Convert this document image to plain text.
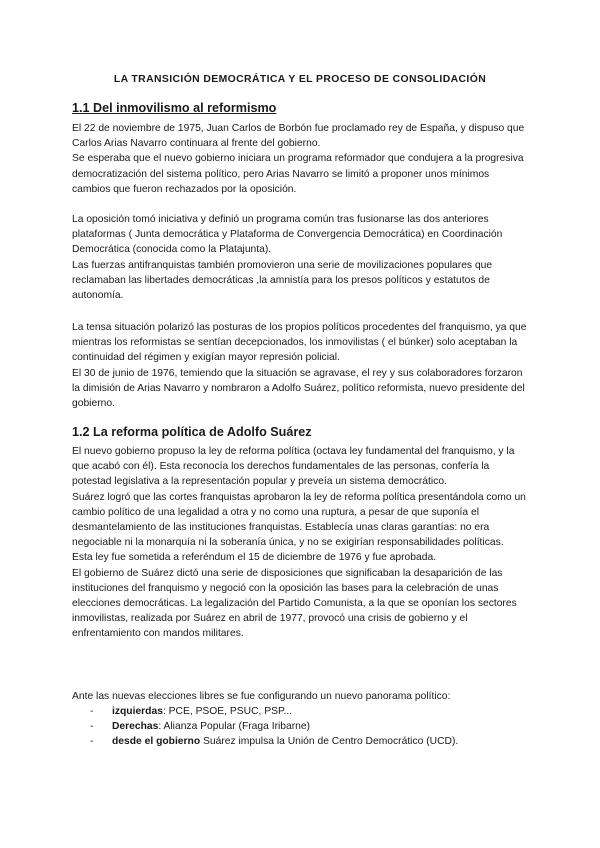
LA TRANSICIÓN DEMOCRÁTICA Y EL PROCESO DE CONSOLIDACIÓN
1.1 Del inmovilismo al reformismo

El 22 de noviembre de 1975, Juan Carlos de Borbón fue proclamado rey de España, y dispuso que Carlos Arias Navarro continuara al frente del gobierno.

Se esperaba que el nuevo gobierno iniciara un programa reformador que condujera a la progresiva democratización del sistema político, pero Arias Navarro se limitó a proponer unos mínimos cambios que fueron rechazados por la oposición.

La oposición tomó iniciativa y definió un programa común tras fusionarse las dos anteriores plataformas ( Junta democrática y Plataforma de Convergencia Democrática) en Coordinación Democrática (conocida como la Platajunta).

Las fuerzas antifranquistas también promovieron una serie de movilizaciones populares que reclamaban las libertades democráticas ,la amnistía para los presos políticos y estatutos de autonomía.

La tensa situación polarizó las posturas de los propios políticos procedentes del franquismo, ya que mientras los reformistas se sentían decepcionados, los inmovilistas ( el búnker) solo aceptaban la continuidad del régimen y exigían mayor represión policial.

El 30 de junio de 1976, temiendo que la situación se agravase, el rey y sus colaboradores forzaron la dimisión de Arias Navarro y nombraron a Adolfo Suárez, político reformista, nuevo presidente del gobierno.

1.2 La reforma política de Adolfo Suárez

El nuevo gobierno propuso la ley de reforma política (octava ley fundamental del franquismo, y la que acabó con él). Esta reconocía los derechos fundamentales de las personas, confería la potestad legislativa a la representación popular y preveía un sistema democrático.

Suárez logró que las cortes franquistas aprobaron la ley de reforma política presentándola como un cambio político de una legalidad a otra y no como una ruptura, a pesar de que suponía el desmantelamiento de las instituciones franquistas. Establecía unas claras garantías: no era negociable ni la monarquía ni la soberanía única, y no se exigirían responsabilidades políticas.

Esta ley fue sometida a referéndum el 15 de diciembre de 1976 y fue aprobada.

El gobierno de Suárez dictó una serie de disposiciones que significaban la desaparición de las instituciones del franquismo y negoció con la oposición las bases para la celebración de unas elecciones democráticas. La legalización del Partido Comunista, a la que se oponían los sectores inmovilistas, realizada por Suárez en abril de 1977, provocó una crisis de gobierno y el enfrentamiento con mandos militares.

Ante las nuevas elecciones libres se fue configurando un nuevo panorama político:

-	izquierdas: PCE, PSOE, PSUC, PSP...
-	Derechas: Alianza Popular (Fraga Iribarne)
-	desde el gobierno Suárez impulsa la Unión de Centro Democrático (UCD).
